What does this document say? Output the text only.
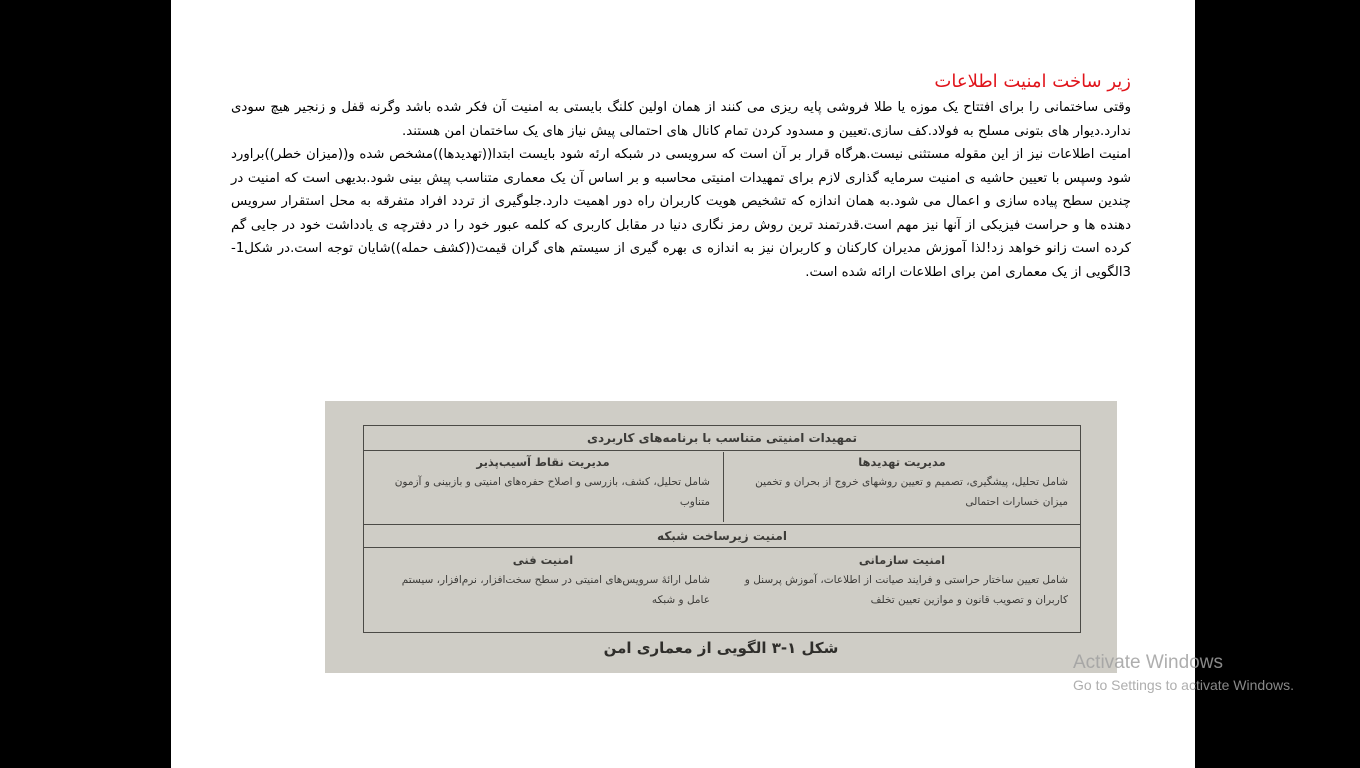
زیر ساخت امنیت اطلاعات

وقتی ساختمانی را برای افتتاح یک موزه یا طلا فروشی پایه ریزی می کنند از همان اولین کلنگ بایستی به امنیت آن فکر شده باشد وگرنه قفل و زنجیر هیچ سودی ندارد.دیوار های بتونی مسلح به فولاد.کف سازی.تعیین و مسدود کردن تمام کانال های احتمالی پیش نیاز های یک ساختمان امن هستند.

امنیت اطلاعات نیز از این مقوله مستثنی نیست.هرگاه قرار بر آن است که سرویسی در شبکه ارئه شود بایست ابتدا((تهدیدها))مشخص شده و((میزان خطر))براورد شود وسپس با تعیین حاشیه ی امنیت سرمایه گذاری لازم برای تمهیدات امنیتی محاسبه و بر اساس آن یک معماری متناسب پیش بینی شود.بدیهی است که امنیت در چندین سطح پیاده سازی و اعمال می شود.به همان اندازه که تشخیص هویت کاربران راه دور اهمیت دارد.جلوگیری از تردد افراد متفرقه به محل استقرار سرویس دهنده ها و حراست فیزیکی از آنها نیز مهم است.قدرتمند ترین روش رمز نگاری دنیا در مقابل کاربری که کلمه عبور خود را در دفترچه ی یادداشت خود در جایی گم کرده است زانو خواهد زد!لذا آموزش مدیران کارکنان و کاربران نیز به اندازه ی بهره گیری از سیستم های گران قیمت((کشف حمله))شایان توجه است.در شکل1-3الگویی از یک معماری امن برای اطلاعات ارائه شده است.

تمهیدات امنیتی متناسب با برنامه‌های کاربردی
مدیریت تهدیدها
شامل تحلیل، پیشگیری، تصمیم و تعیین روشهای خروج از بحران و تخمین میزان خسارات احتمالی
مدیریت نقاط آسیب‌پذیر
شامل تحلیل، کشف، بازرسی و اصلاح حفره‌های امنیتی و بازبینی و آزمون متناوب
امنیت زیرساخت شبکه
امنیت سازمانی
شامل تعیین ساختار حراستی و فرایند صیانت از اطلاعات، آموزش پرسنل و کاربران و تصویب قانون و موازین تعیین تخلف
امنیت فنی
شامل ارائهٔ سرویس‌های امنیتی در سطح سخت‌افزار، نرم‌افزار، سیستم عامل و شبکه
شکل ۱-۳ الگویی از معماری امن
Activate Windows
Go to Settings to activate Windows.
